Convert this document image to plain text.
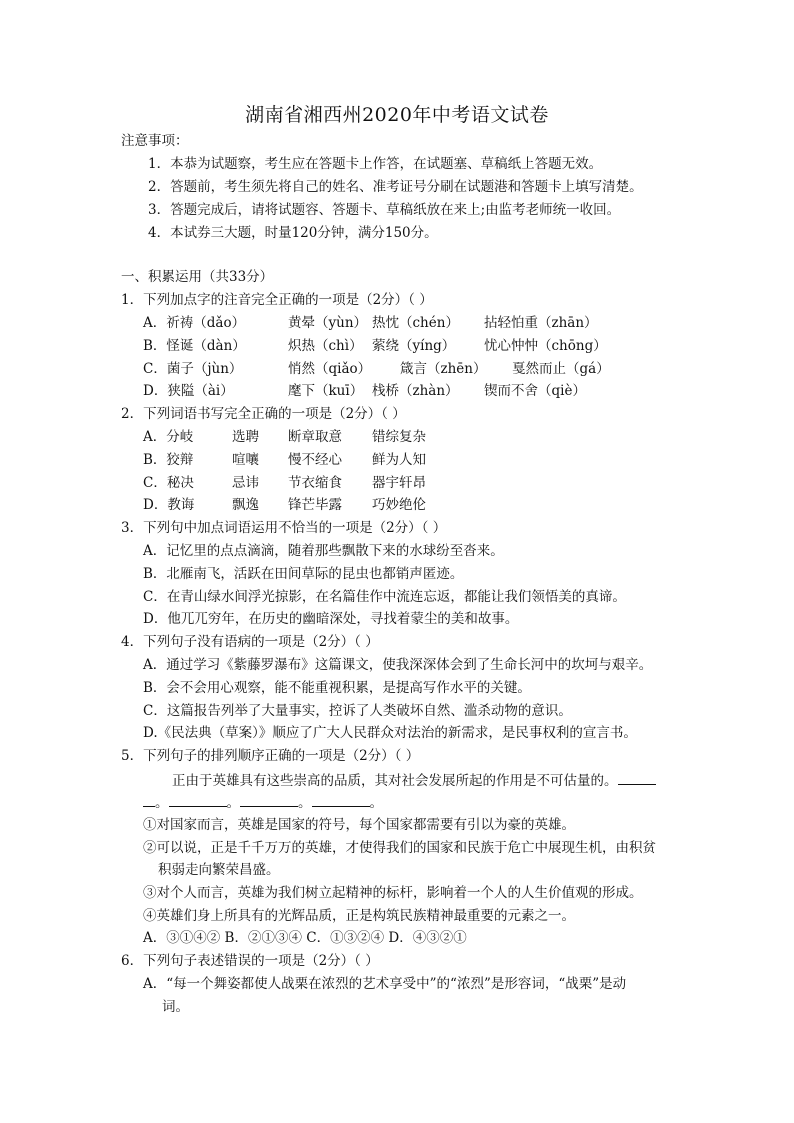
湖南省湘西州2020年中考语文试卷
注意事项：
1．本恭为试题察，考生应在答题卡上作答，在试题塞、草稿纸上答题无效。
2．答题前，考生须先将自己的姓名、准考证号分刷在试题港和答题卡上填写清楚。
3．答题完成后，请将试题容、答题卡、草稿纸放在来上;由监考老师统一收回。
4．本试券三大题，时量120分钟，满分150分。
一、积累运用（共33分）
1．下列加点字的注音完全正确的一项是（2分）（ ）
A．祈祷（dǎo）	黄晕（yùn） 热忱（chén） 拈轻怕重（zhān）
B．怪诞（dàn）	炽热（chì） 萦绕（yíng） 忧心忡忡（chōng）
C．菌子（jùn）	悄然（qiǎo） 箴言（zhēn） 戛然而止（gá）
D．狭隘（ài）	麾下（kuī） 栈桥（zhàn） 锲而不舍（qiè）
2．下列词语书写完全正确的一项是（2分）（ ）
A．分岐	选聘 断章取意 错综复杂
B．狡辩	喧嚷 慢不经心 鲜为人知
C．秘决	忌讳 节衣缩食 器宇轩昂
D．教诲	飘逸 锋芒毕露 巧妙绝伦
3．下列句中加点词语运用不恰当的一项是（2分）（ ）
A．记忆里的点点滴滴，随着那些飘散下来的水球纷至沓来。
B．北雁南飞，活跃在田间草际的昆虫也都销声匿迹。
C．在青山绿水间浮光掠影，在名篇佳作中流连忘返，都能让我们领悟美的真谛。
D．他兀兀穷年，在历史的幽暗深处，寻找着蒙尘的美和故事。
4．下列句子没有语病的一项是（2分）（ ）
A．通过学习《紫藤罗瀑布》这篇课文，使我深深体会到了生命长河中的坎坷与艰辛。
B．会不会用心观察，能不能重视积累，是提高写作水平的关键。
C．这篇报告列举了大量事实，控诉了人类破坏自然、滥杀动物的意识。
D.《民法典（草案）》顺应了广大人民群众对法治的新需求，是民事权利的宣言书。
5．下列句子的排列顺序正确的一项是（2分）（ ）
正由于英雄具有这些崇高的品质，其对社会发展所起的作用是不可估量的。
。	。	。	。
①对国家而言，英雄是国家的符号，每个国家都需要有引以为豪的英雄。
②可以说，正是千千万万的英雄，才使得我们的国家和民族于危亡中展现生机，由积贫
积弱走向繁荣昌盛。
③对个人而言，英雄为我们树立起精神的标杆，影响着一个人的人生价值观的形成。
④英雄们身上所具有的光辉品质，正是构筑民族精神最重要的元素之一。
A．③①④② B．②①③④ C．①③②④ D．④③②①
6．下列句子表述错误的一项是（2分）（ ）
A．“每一个舞姿都使人战栗在浓烈的艺术享受中”的“浓烈”是形容词，“战栗”是动
词。
